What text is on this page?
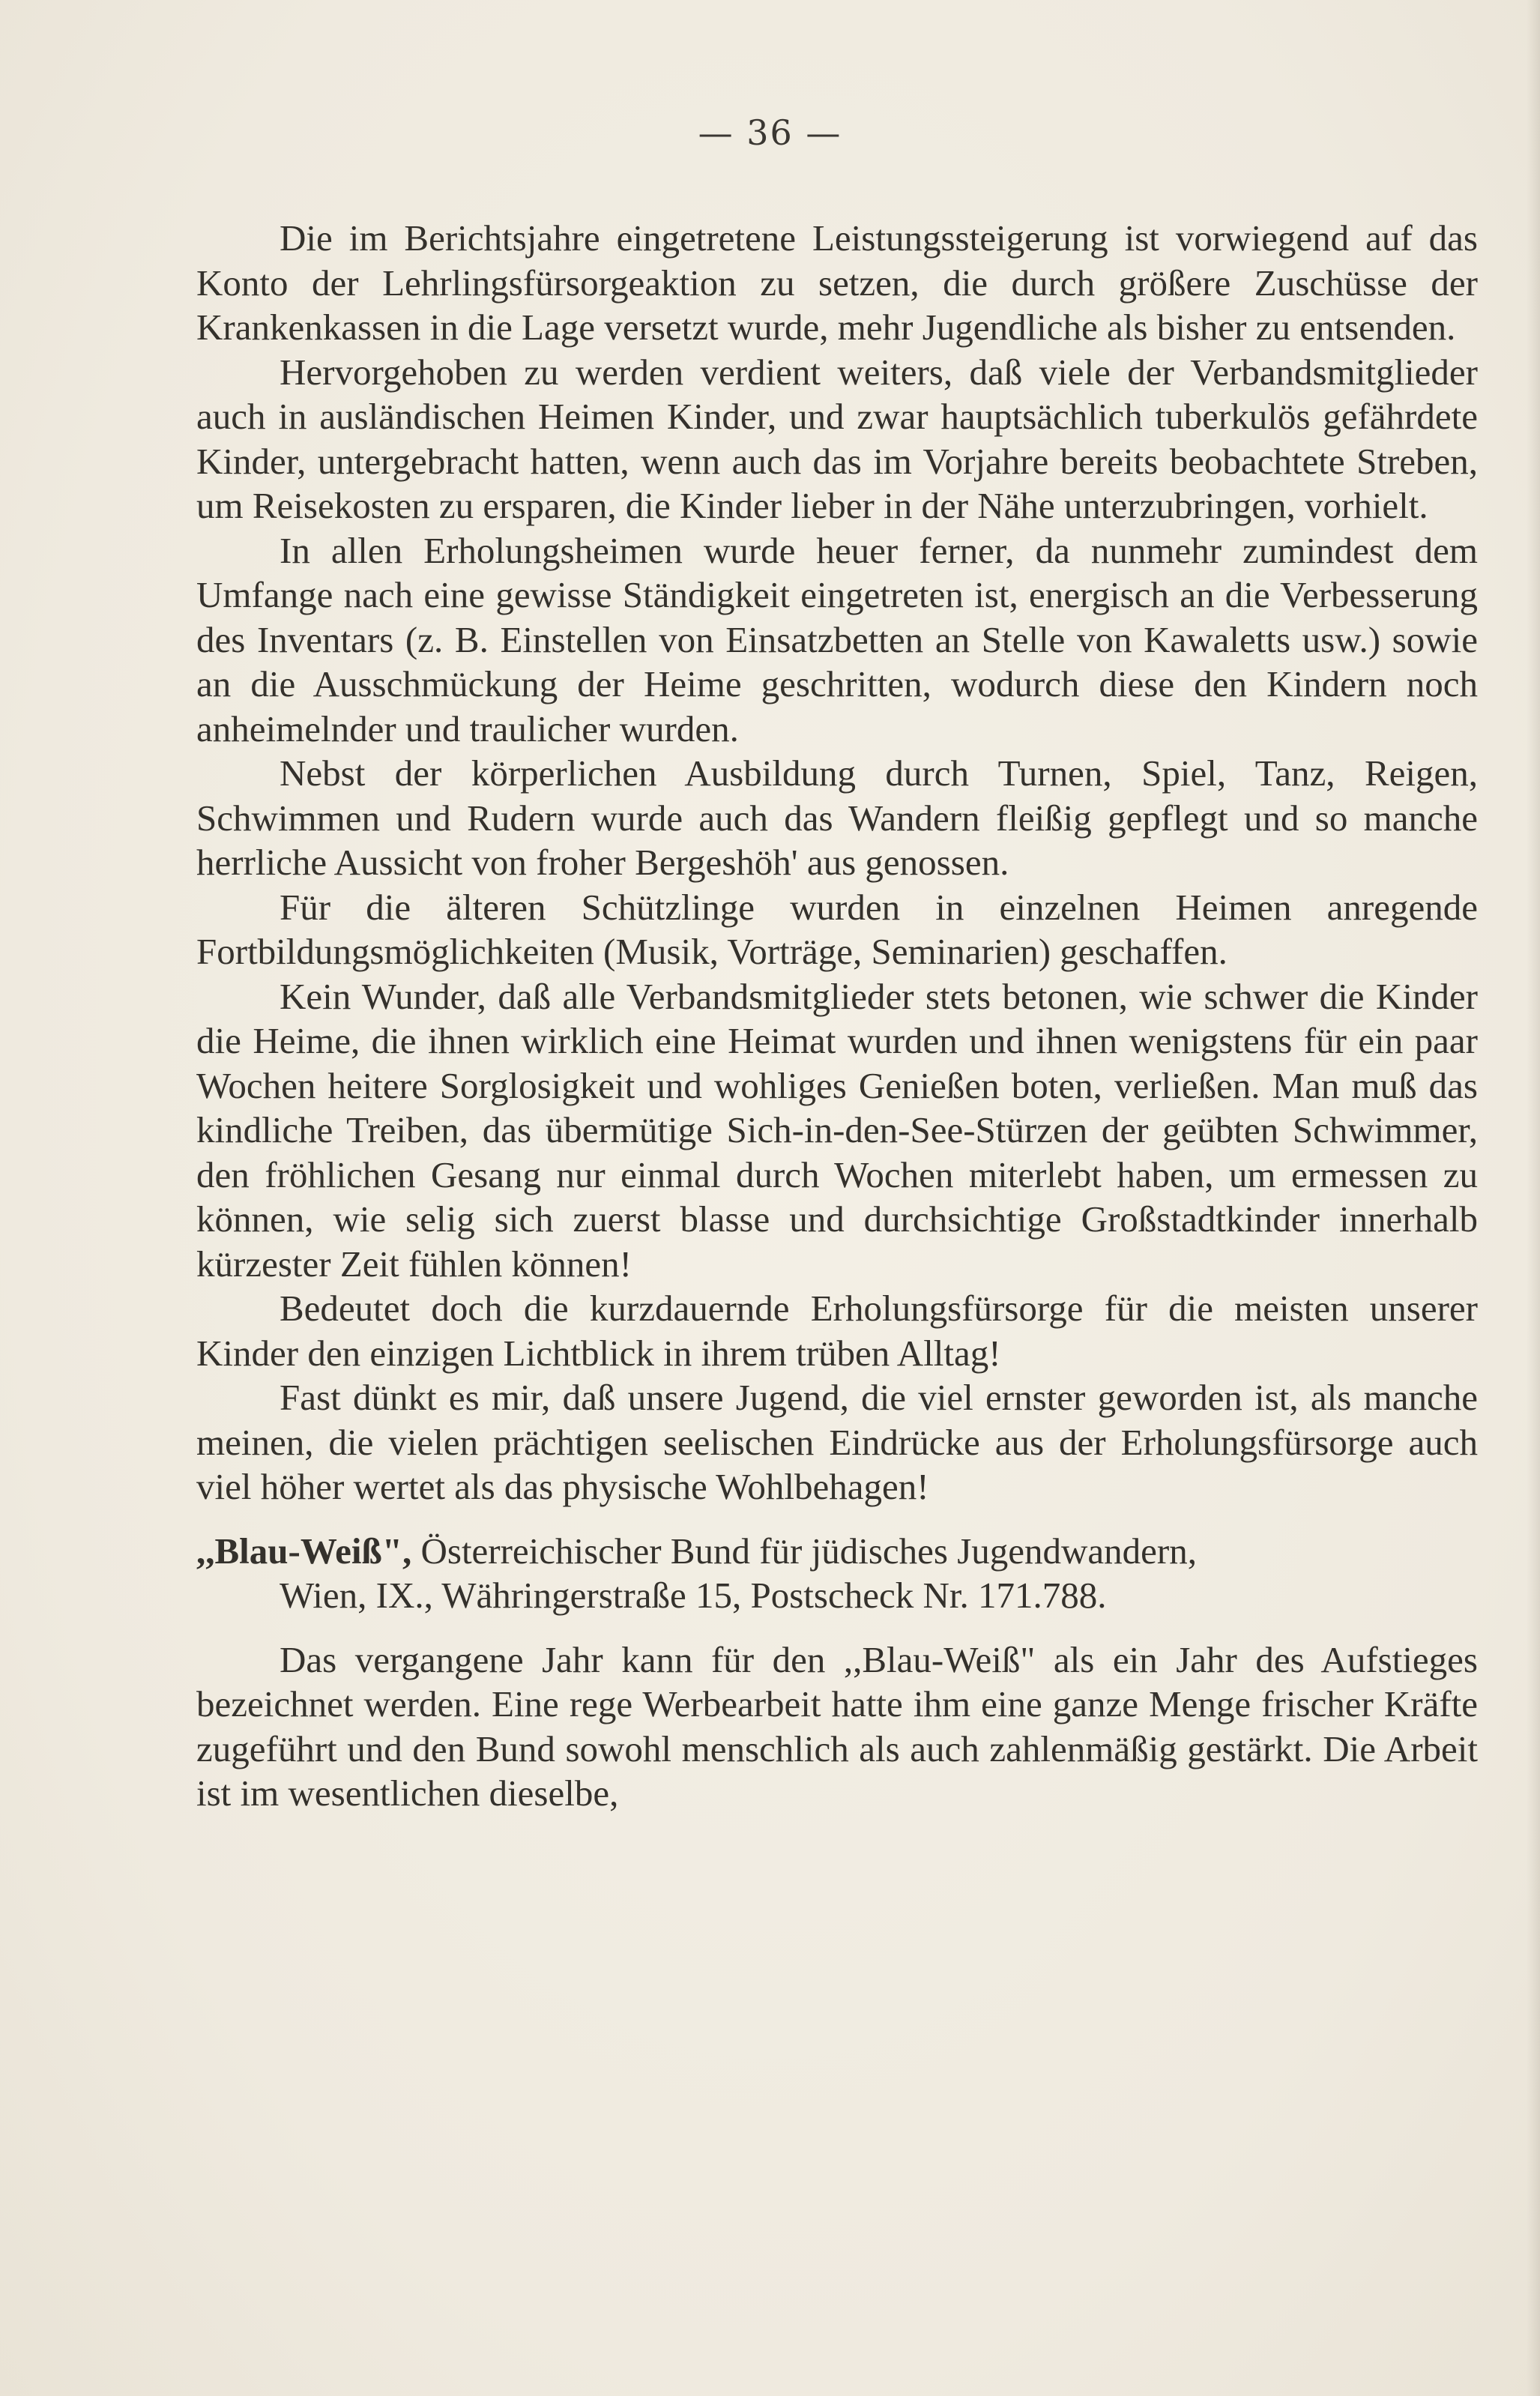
— 36 —

Die im Berichtsjahre eingetretene Leistungssteigerung ist vorwiegend auf das Konto der Lehrlingsfürsorgeaktion zu setzen, die durch größere Zuschüsse der Krankenkassen in die Lage versetzt wurde, mehr Jugendliche als bisher zu entsenden.

Hervorgehoben zu werden verdient weiters, daß viele der Verbandsmitglieder auch in ausländischen Heimen Kinder, und zwar hauptsächlich tuberkulös gefährdete Kinder, untergebracht hatten, wenn auch das im Vorjahre bereits beobachtete Streben, um Reisekosten zu ersparen, die Kinder lieber in der Nähe unterzubringen, vorhielt.

In allen Erholungsheimen wurde heuer ferner, da nunmehr zumindest dem Umfange nach eine gewisse Ständigkeit eingetreten ist, energisch an die Verbesserung des Inventars (z. B. Einstellen von Einsatzbetten an Stelle von Kawaletts usw.) sowie an die Ausschmückung der Heime geschritten, wodurch diese den Kindern noch anheimelnder und traulicher wurden.

Nebst der körperlichen Ausbildung durch Turnen, Spiel, Tanz, Reigen, Schwimmen und Rudern wurde auch das Wandern fleißig gepflegt und so manche herrliche Aussicht von froher Bergeshöh' aus genossen.

Für die älteren Schützlinge wurden in einzelnen Heimen anregende Fortbildungsmöglichkeiten (Musik, Vorträge, Seminarien) geschaffen.

Kein Wunder, daß alle Verbandsmitglieder stets betonen, wie schwer die Kinder die Heime, die ihnen wirklich eine Heimat wurden und ihnen wenigstens für ein paar Wochen heitere Sorglosigkeit und wohliges Genießen boten, verließen. Man muß das kindliche Treiben, das übermütige Sich-in-den-See-Stürzen der geübten Schwimmer, den fröhlichen Gesang nur einmal durch Wochen miterlebt haben, um ermessen zu können, wie selig sich zuerst blasse und durchsichtige Großstadtkinder innerhalb kürzester Zeit fühlen können!

Bedeutet doch die kurzdauernde Erholungsfürsorge für die meisten unserer Kinder den einzigen Lichtblick in ihrem trüben Alltag!

Fast dünkt es mir, daß unsere Jugend, die viel ernster geworden ist, als manche meinen, die vielen prächtigen seelischen Eindrücke aus der Erholungsfürsorge auch viel höher wertet als das physische Wohlbehagen!

,,Blau-Weiß", Österreichischer Bund für jüdisches Jugendwandern,
Wien, IX., Währingerstraße 15, Postscheck Nr. 171.788.

Das vergangene Jahr kann für den ,,Blau-Weiß" als ein Jahr des Aufstieges bezeichnet werden. Eine rege Werbearbeit hatte ihm eine ganze Menge frischer Kräfte zugeführt und den Bund sowohl menschlich als auch zahlenmäßig gestärkt. Die Arbeit ist im wesentlichen dieselbe,
